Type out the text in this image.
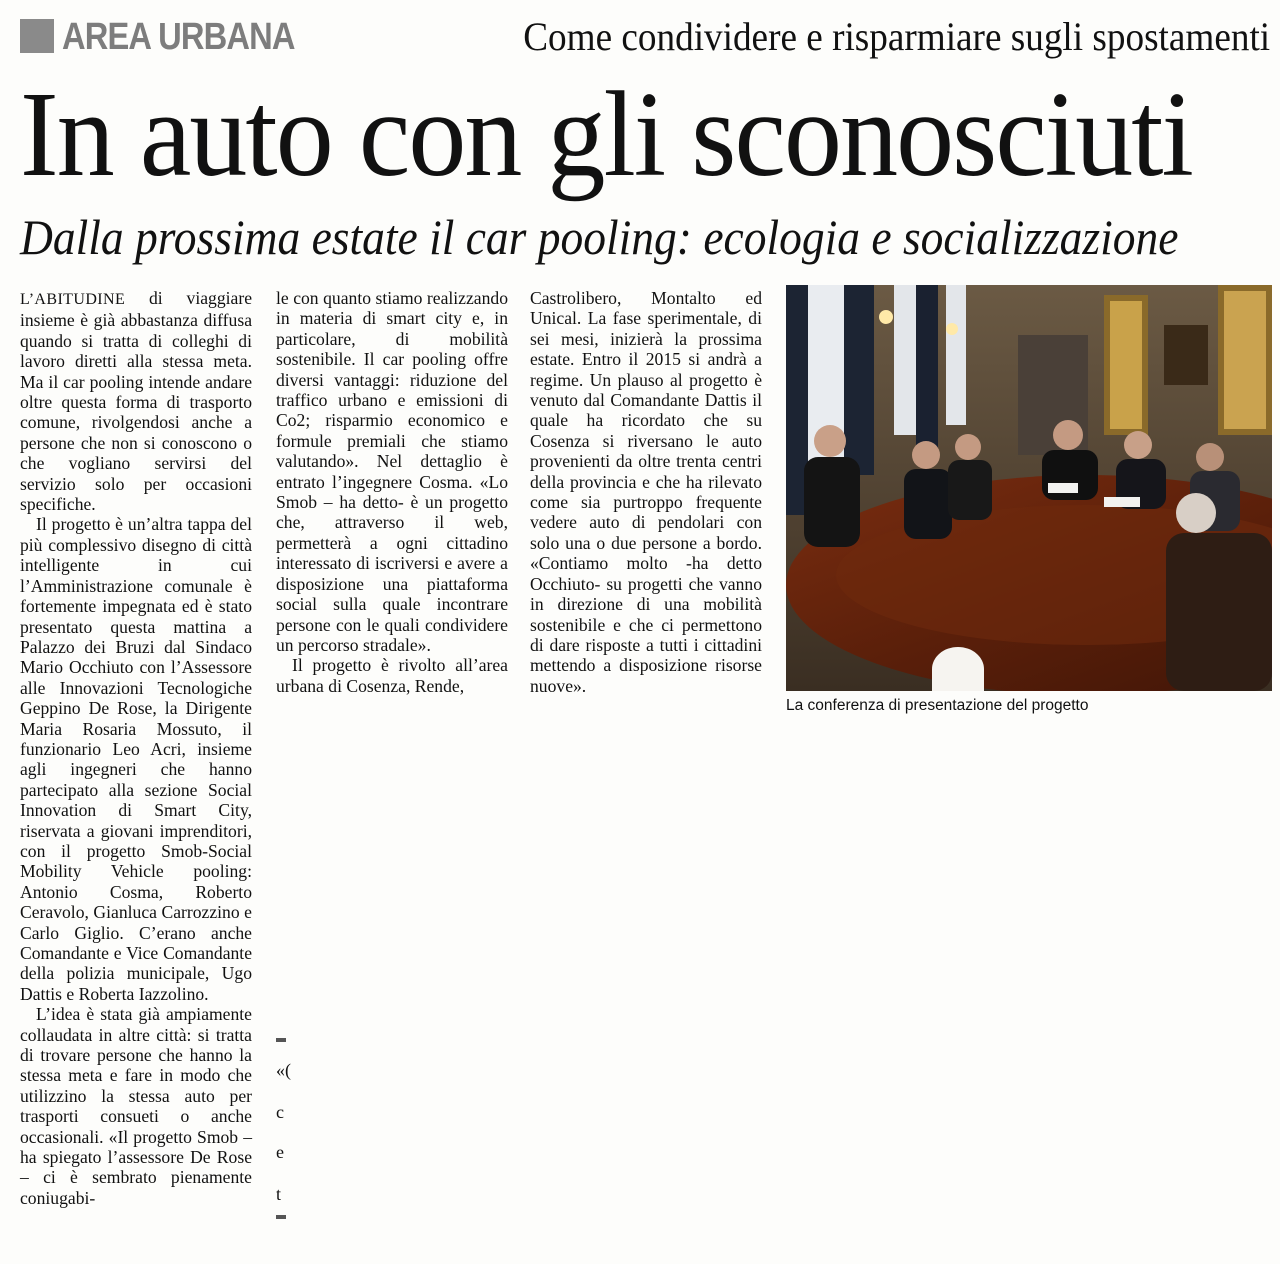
AREA URBANA	Come condividere e risparmiare sugli spostamenti
In auto con gli sconosciuti
Dalla prossima estate il car pooling: ecologia e socializzazione

L’ABITUDINE di viaggiare insieme è già abbastanza diffusa quando si tratta di colleghi di lavoro diretti alla stessa meta. Ma il car pooling intende andare oltre questa forma di trasporto comune, rivolgendosi anche a persone che non si conoscono o che vogliano servirsi del servizio solo per occasioni specifiche.

Il progetto è un’altra tappa del più complessivo disegno di città intelligente in cui l’Amministrazione comunale è fortemente impegnata ed è stato presentato questa mattina a Palazzo dei Bruzi dal Sindaco Mario Occhiuto con l’Assessore alle Innovazioni Tecnologiche Geppino De Rose, la Dirigente Maria Rosaria Mossuto, il funzionario Leo Acri, insieme agli ingegneri che hanno partecipato alla sezione Social Innovation di Smart City, riservata a giovani imprenditori, con il progetto Smob-Social Mobility Vehicle pooling: Antonio Cosma, Roberto Ceravolo, Gianluca Carrozzino e Carlo Giglio. C’erano anche Comandante e Vice Comandante della polizia municipale, Ugo Dattis e Roberta Iazzolino.

L’idea è stata già ampiamente collaudata in altre città: si tratta di trovare persone che hanno la stessa meta e fare in modo che utilizzino la stessa auto per trasporti consueti o anche occasionali. «Il progetto Smob – ha spiegato l’assessore De Rose – ci è sembrato pienamente coniugabi-

le con quanto stiamo realizzando in materia di smart city e, in particolare, di mobilità sostenibile. Il car pooling offre diversi vantaggi: riduzione del traffico urbano e emissioni di Co2; risparmio economico e formule premiali che stiamo valutando». Nel dettaglio è entrato l’ingegnere Cosma. «Lo Smob – ha detto- è un progetto che, attraverso il web, permetterà a ogni cittadino interessato di iscriversi e avere a disposizione una piattaforma social sulla quale incontrare persone con le quali condividere un percorso stradale».

Il progetto è rivolto all’area urbana di Cosenza, Rende,

Castrolibero, Montalto ed Unical. La fase sperimentale, di sei mesi, inizierà la prossima estate. Entro il 2015 si andrà a regime. Un plauso al progetto è venuto dal Comandante Dattis il quale ha ricordato che su Cosenza si riversano le auto provenienti da oltre trenta centri della provincia e che ha rilevato come sia purtroppo frequente vedere auto di pendolari con solo una o due persone a bordo. «Contiamo molto -ha detto Occhiuto- su progetti che vanno in direzione di una mobilità sostenibile e che ci permettono di dare risposte a tutti i cittadini mettendo a disposizione risorse nuove».

«(
c
e
t
La conferenza di presentazione del progetto
